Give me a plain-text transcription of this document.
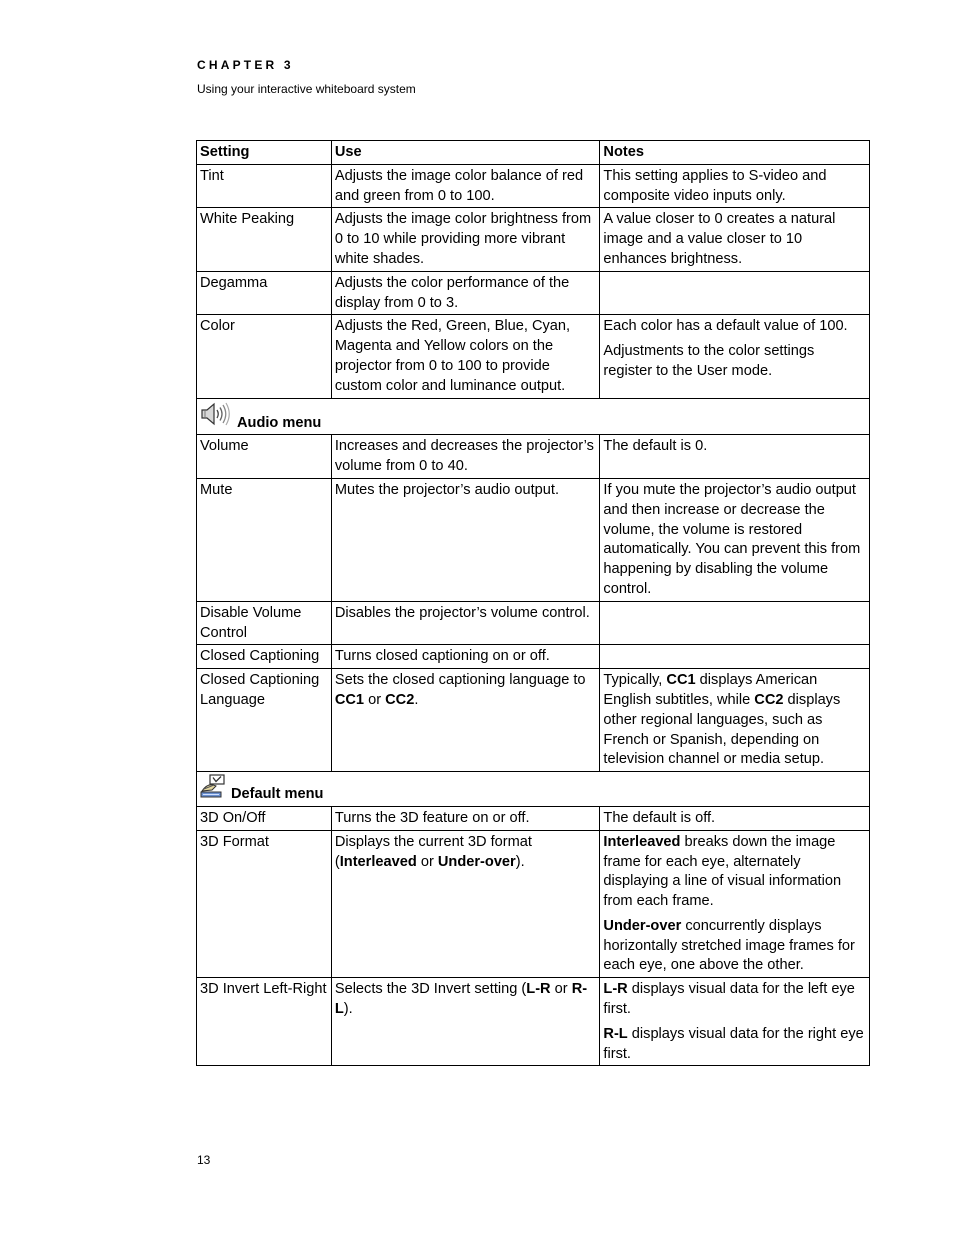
CHAPTER 3
Using your interactive whiteboard system
Setting	Use	Notes
Tint	Adjusts the image color balance of red and green from 0 to 100.	This setting applies to S-video and composite video inputs only.
White Peaking	Adjusts the image color brightness from 0 to 10 while providing more vibrant white shades.	A value closer to 0 creates a natural image and a value closer to 10 enhances brightness.
Degamma	Adjusts the color performance of the display from 0 to 3.	
Color	Adjusts the Red, Green, Blue, Cyan, Magenta and Yellow colors on the projector from 0 to 100 to provide custom color and luminance output.	Each color has a default value of 100.

Adjustments to the color settings register to the User mode.

Audio menu		
Volume	Increases and decreases the projector’s volume from 0 to 40.	The default is 0.
Mute	Mutes the projector’s audio output.	If you mute the projector’s audio output and then increase or decrease the volume, the volume is restored automatically. You can prevent this from happening by disabling the volume control.
Disable Volume Control	Disables the projector’s volume control.	
Closed Captioning	Turns closed captioning on or off.	
Closed Captioning Language	Sets the closed captioning language to CC1 or CC2.	Typically, CC1 displays American English subtitles, while CC2 displays other regional languages, such as French or Spanish, depending on television channel or media setup.
Default menu		
3D On/Off	Turns the 3D feature on or off.	The default is off.
3D Format	Displays the current 3D format (Interleaved or Under-over).	Interleaved breaks down the image frame for each eye, alternately displaying a line of visual information from each frame.

Under-over concurrently displays horizontally stretched image frames for each eye, one above the other.

3D Invert Left-Right	Selects the 3D Invert setting (L-R or R-L).	L-R displays visual data for the left eye first.

R-L displays visual data for the right eye first.

13
